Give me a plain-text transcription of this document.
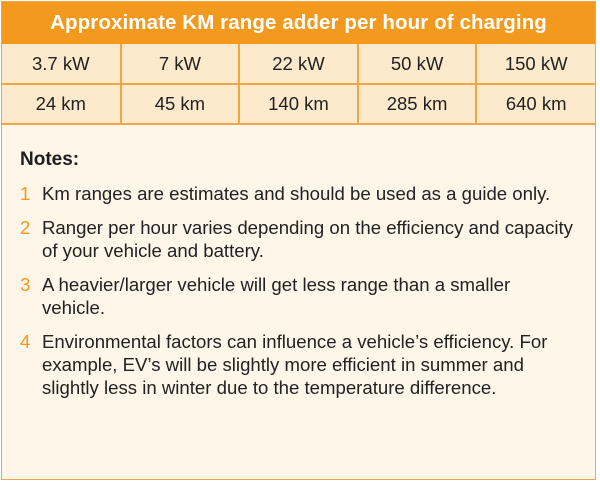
Approximate KM range adder per hour of charging
3.7 kW	7 kW	22 kW	50 kW	150 kW
24 km	45 km	140 km	285 km	640 km
Notes:
1 Km ranges are estimates and should be used as a guide only.
2 Ranger per hour varies depending on the efficiency and capacity of your vehicle and battery.
3 A heavier/larger vehicle will get less range than a smaller vehicle.
4 Environmental factors can influence a vehicle’s efficiency. For example, EV’s will be slightly more efficient in summer and slightly less in winter due to the temperature difference.
